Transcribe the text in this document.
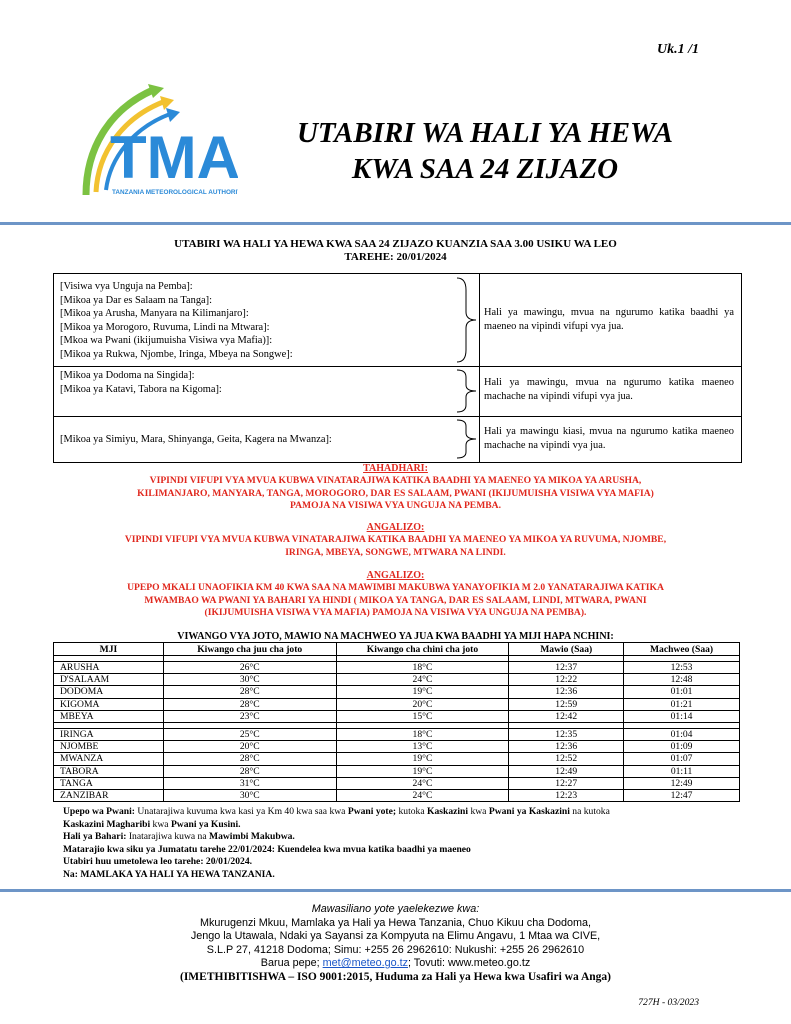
Uk.1 /1
TMA
TANZANIA METEOROLOGICAL AUTHORITY
UTABIRI WA HALI YA HEWA
KWA SAA 24 ZIJAZO
UTABIRI WA HALI YA HEWA KWA SAA 24 ZIJAZO KUANZIA SAA 3.00 USIKU WA LEO
TAREHE: 20/01/2024
[Visiwa vya Unguja na Pemba]:
[Mikoa ya Dar es Salaam na Tanga]:
[Mikoa ya Arusha, Manyara na Kilimanjaro]:
[Mikoa ya Morogoro, Ruvuma, Lindi na Mtwara]:
[Mkoa wa Pwani (ikijumuisha Visiwa vya Mafia)]:
[Mikoa ya Rukwa, Njombe, Iringa, Mbeya na Songwe]:
Hali ya mawingu, mvua na ngurumo katika baadhi ya maeneo na vipindi vifupi vya jua.
[Mikoa ya Dodoma na Singida]:
[Mikoa ya Katavi, Tabora na Kigoma]:
Hali ya mawingu, mvua na ngurumo katika maeneo machache na vipindi vifupi vya jua.
[Mikoa ya Simiyu, Mara, Shinyanga, Geita, Kagera na Mwanza]:
Hali ya mawingu kiasi, mvua na ngurumo katika maeneo machache na vipindi vya jua.
TAHADHARI:
VIPINDI VIFUPI VYA MVUA KUBWA VINATARAJIWA KATIKA BAADHI YA MAENEO YA MIKOA YA ARUSHA,
KILIMANJARO, MANYARA, TANGA, MOROGORO, DAR ES SALAAM, PWANI (IKIJUMUISHA VISIWA VYA MAFIA)
PAMOJA NA VISIWA VYA UNGUJA NA PEMBA.
ANGALIZO:
VIPINDI VIFUPI VYA MVUA KUBWA VINATARAJIWA KATIKA BAADHI YA MAENEO YA MIKOA YA RUVUMA, NJOMBE,
IRINGA, MBEYA, SONGWE, MTWARA NA LINDI.
ANGALIZO:
UPEPO MKALI UNAOFIKIA KM 40 KWA SAA NA MAWIMBI MAKUBWA YANAYOFIKIA M 2.0 YANATARAJIWA KATIKA
MWAMBAO WA PWANI YA BAHARI YA HINDI ( MIKOA YA TANGA, DAR ES SALAAM, LINDI, MTWARA, PWANI
(IKIJUMUISHA VISIWA VYA MAFIA) PAMOJA NA VISIWA VYA UNGUJA NA PEMBA).
VIWANGO VYA JOTO, MAWIO NA MACHWEO YA JUA KWA BAADHI YA MIJI HAPA NCHINI:
MJI	Kiwango cha juu cha joto	Kiwango cha chini cha joto	Mawio (Saa)	Machweo (Saa)

ARUSHA	26°C	18°C	12:37	12:53
D'SALAAM	30°C	24°C	12:22	12:48
DODOMA	28°C	19°C	12:36	01:01
KIGOMA	28°C	20°C	12:59	01:21
MBEYA	23°C	15°C	12:42	01:14

IRINGA	25°C	18°C	12:35	01:04
NJOMBE	20°C	13°C	12:36	01:09
MWANZA	28°C	19°C	12:52	01:07
TABORA	28°C	19°C	12:49	01:11
TANGA	31°C	24°C	12:27	12:49
ZANZIBAR	30°C	24°C	12:23	12:47
Upepo wa Pwani: Unatarajiwa kuvuma kwa kasi ya Km 40 kwa saa kwa Pwani yote; kutoka Kaskazini kwa Pwani ya Kaskazini na kutoka
Kaskazini Magharibi kwa Pwani ya Kusini.
Hali ya Bahari: Inatarajiwa kuwa na Mawimbi Makubwa.
Matarajio kwa siku ya Jumatatu tarehe 22/01/2024: Kuendelea kwa mvua katika baadhi ya maeneo
Utabiri huu umetolewa leo tarehe: 20/01/2024.
Na: MAMLAKA YA HALI YA HEWA TANZANIA.
Mawasiliano yote yaelekezwe kwa:
Mkurugenzi Mkuu, Mamlaka ya Hali ya Hewa Tanzania, Chuo Kikuu cha Dodoma,
Jengo la Utawala, Ndaki ya Sayansi za Kompyuta na Elimu Angavu, 1 Mtaa wa CIVE,
S.L.P 27, 41218 Dodoma; Simu: +255 26 2962610: Nukushi: +255 26 2962610
Barua pepe; met@meteo.go.tz; Tovuti: www.meteo.go.tz
(IMETHIBITISHWA – ISO 9001:2015, Huduma za Hali ya Hewa kwa Usafiri wa Anga)
727H - 03/2023
